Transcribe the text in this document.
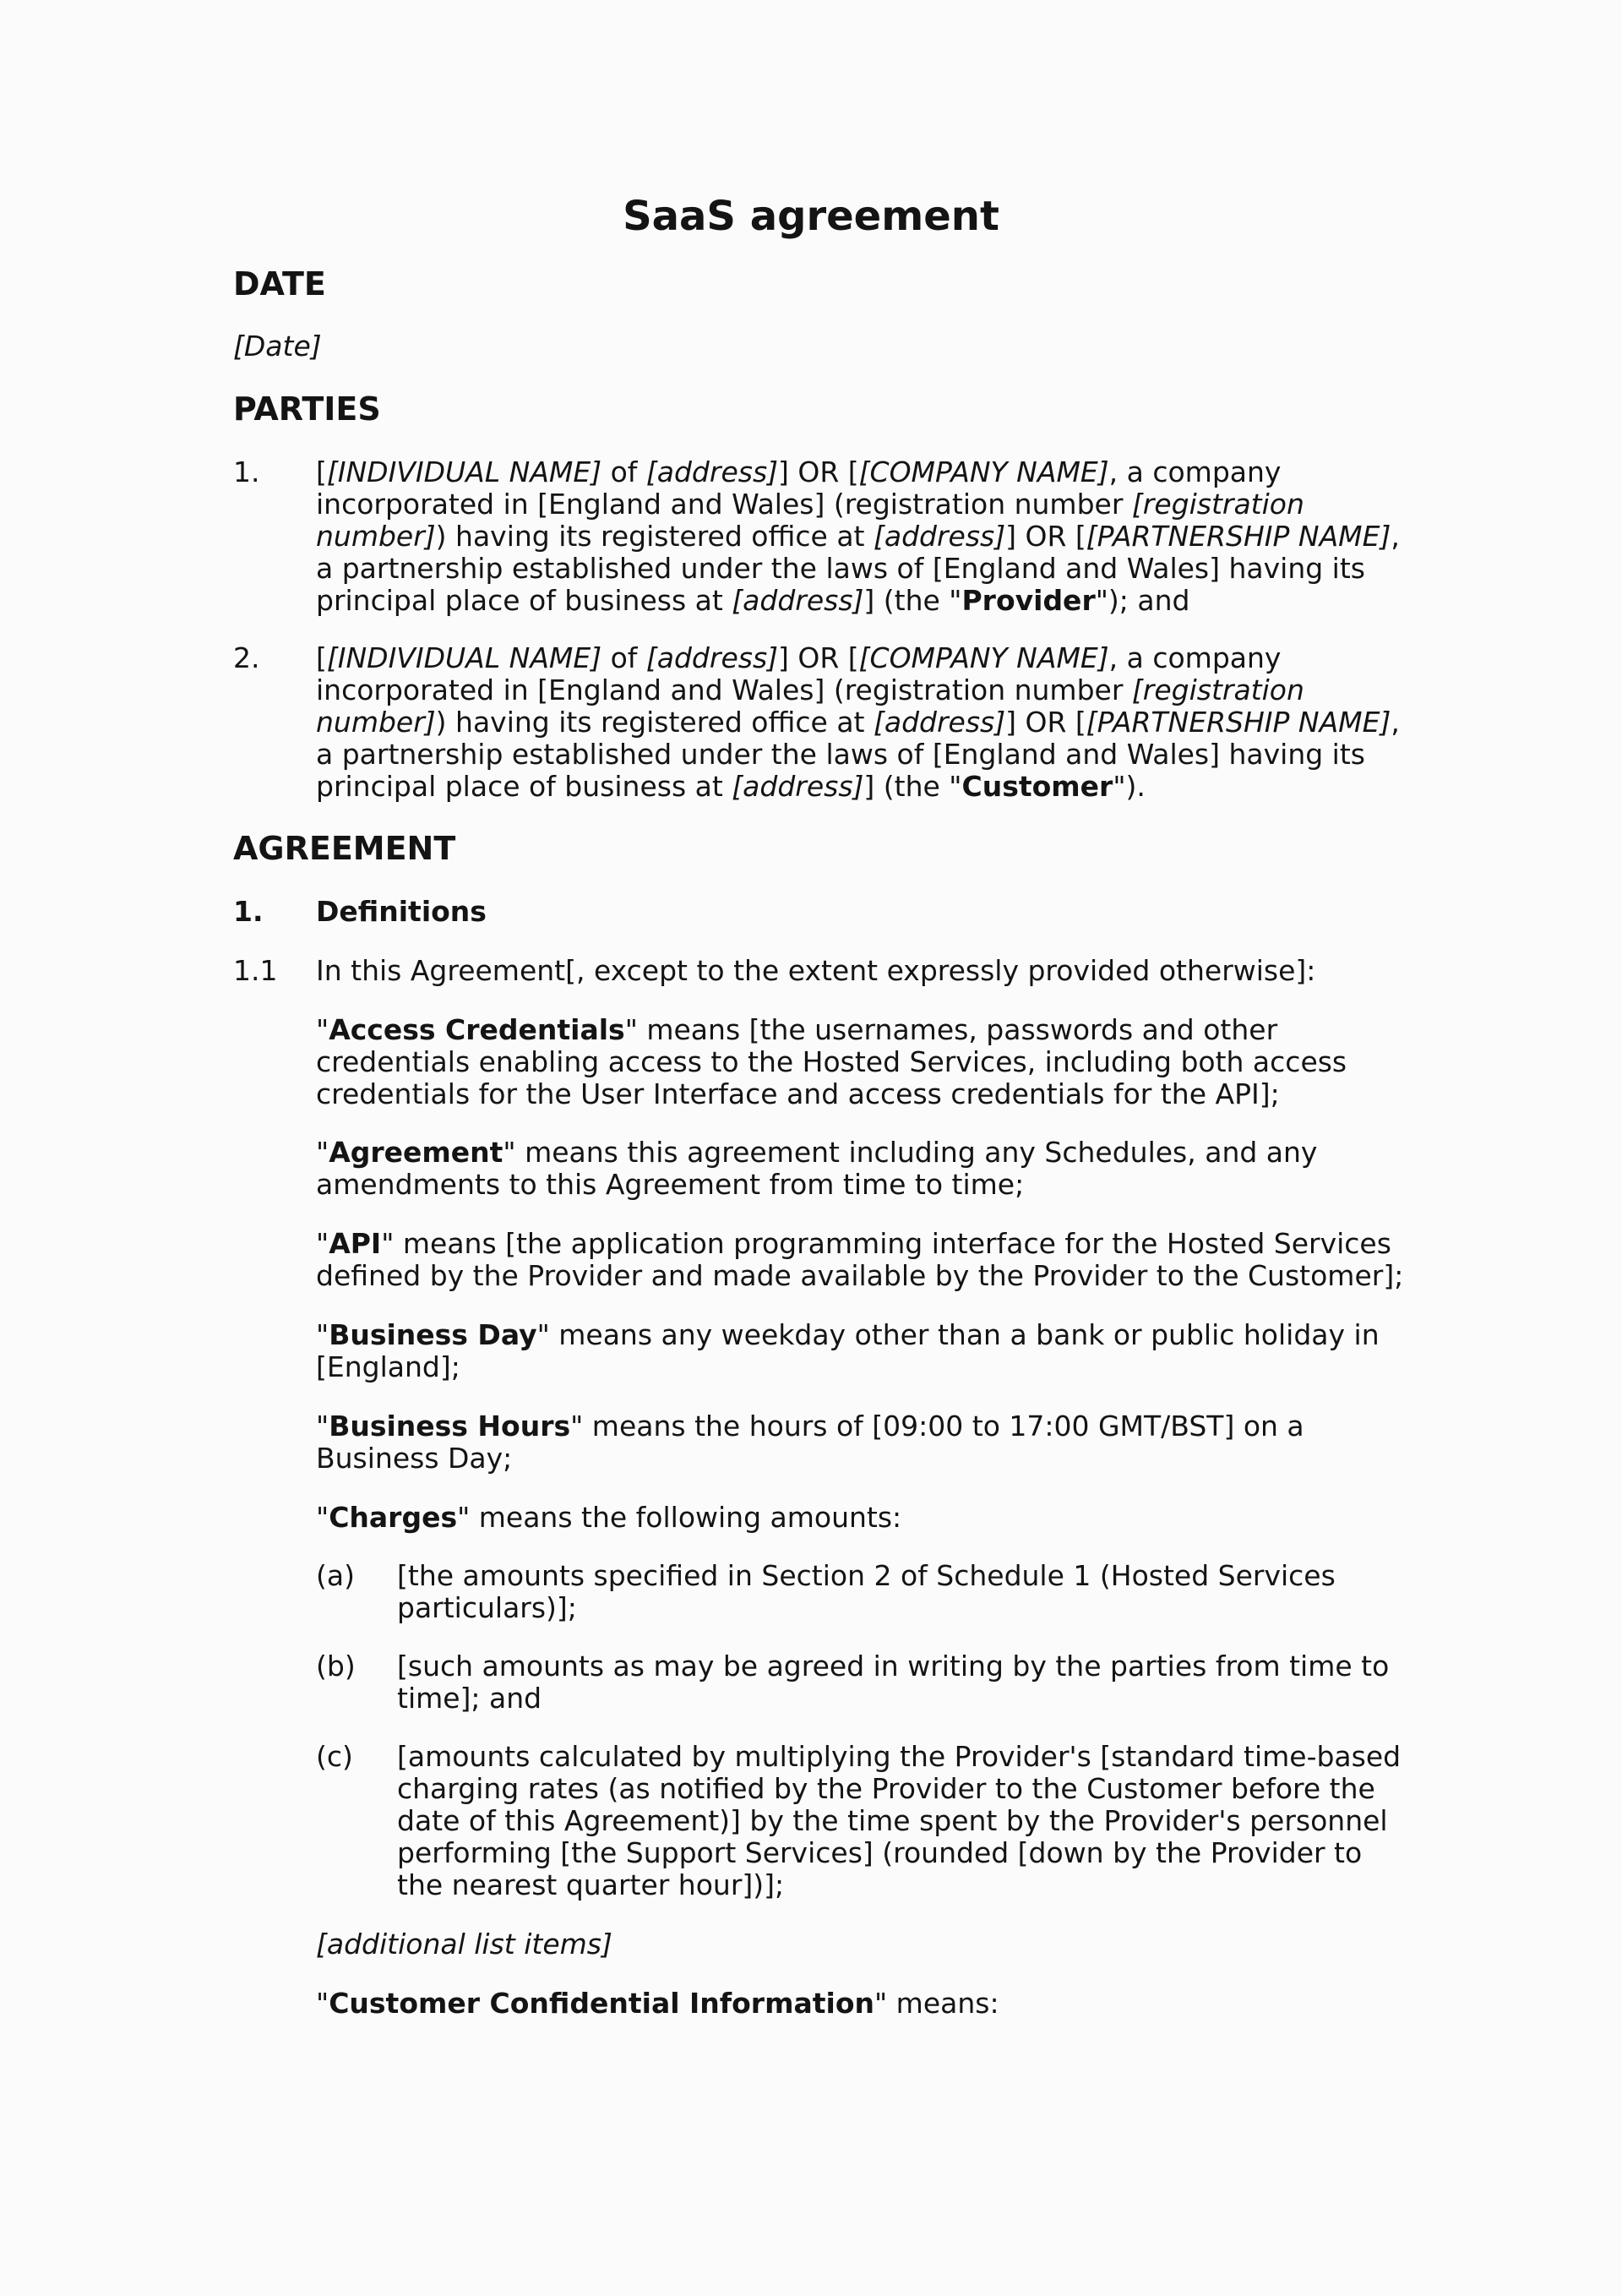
SaaS agreement
DATE
[Date]
PARTIES
1. [[INDIVIDUAL NAME] of [address]] OR [[COMPANY NAME], a company incorporated in [England and Wales] (registration number [registration number]) having its registered office at [address]] OR [[PARTNERSHIP NAME], a partnership established under the laws of [England and Wales] having its principal place of business at [address]] (the "Provider"); and
2. [[INDIVIDUAL NAME] of [address]] OR [[COMPANY NAME], a company incorporated in [England and Wales] (registration number [registration number]) having its registered office at [address]] OR [[PARTNERSHIP NAME], a partnership established under the laws of [England and Wales] having its principal place of business at [address]] (the "Customer").
AGREEMENT
1. Definitions
1.1 In this Agreement[, except to the extent expressly provided otherwise]:
"Access Credentials" means [the usernames, passwords and other credentials enabling access to the Hosted Services, including both access credentials for the User Interface and access credentials for the API];
"Agreement" means this agreement including any Schedules, and any amendments to this Agreement from time to time;
"API" means [the application programming interface for the Hosted Services defined by the Provider and made available by the Provider to the Customer];
"Business Day" means any weekday other than a bank or public holiday in [England];
"Business Hours" means the hours of [09:00 to 17:00 GMT/BST] on a Business Day;
"Charges" means the following amounts:
(a) [the amounts specified in Section 2 of Schedule 1 (Hosted Services particulars)];
(b) [such amounts as may be agreed in writing by the parties from time to time]; and
(c) [amounts calculated by multiplying the Provider's [standard time-based charging rates (as notified by the Provider to the Customer before the date of this Agreement)] by the time spent by the Provider's personnel performing [the Support Services] (rounded [down by the Provider to the nearest quarter hour])];
[additional list items]
"Customer Confidential Information" means:
